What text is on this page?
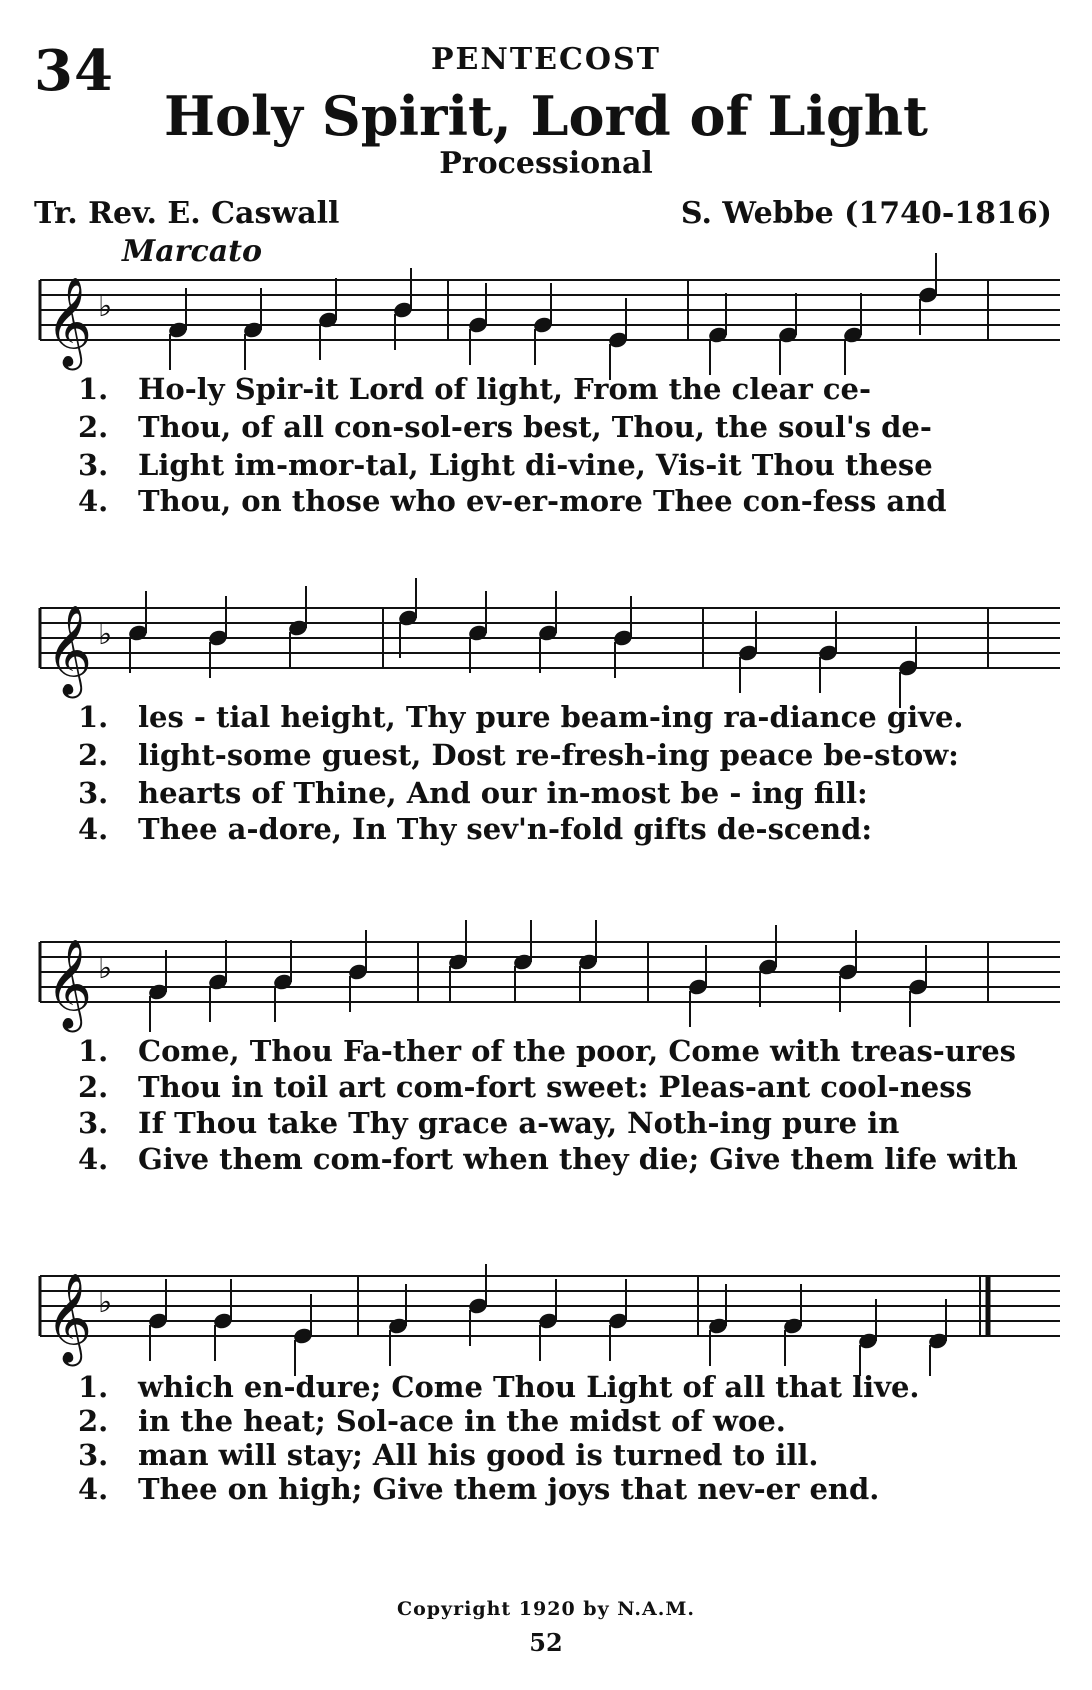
34	PENTECOST
Holy Spirit, Lord of Light
Processional
Tr. Rev. E. Caswall	S. Webbe (1740-1816)
Marcato
𝄞 ♭
1.	Ho-ly Spir-it Lord of light, From the clear ce-
2.	Thou, of all con-sol-ers best, Thou, the soul's de-
3.	Light im-mor-tal, Light di-vine, Vis-it Thou these
4.	Thou, on those who ev-er-more Thee con-fess and
𝄞 ♭
1.	les - tial height, Thy pure beam-ing ra-diance give.
2.	light-some guest, Dost re-fresh-ing peace be-stow:
3.	hearts of Thine, And our in-most be - ing fill:
4.	Thee a-dore, In Thy sev'n-fold gifts de-scend:
𝄞 ♭
1.	Come, Thou Fa-ther of the poor, Come with treas-ures
2.	Thou in toil art com-fort sweet: Pleas-ant cool-ness
3.	If Thou take Thy grace a-way, Noth-ing pure in
4.	Give them com-fort when they die; Give them life with
𝄞 ♭
1.	which en-dure; Come Thou Light of all that live.
2.	in the heat; Sol-ace in the midst of woe.
3.	man will stay; All his good is turned to ill.
4.	Thee on high; Give them joys that nev-er end.
Copyright 1920 by N.A.M.
52
